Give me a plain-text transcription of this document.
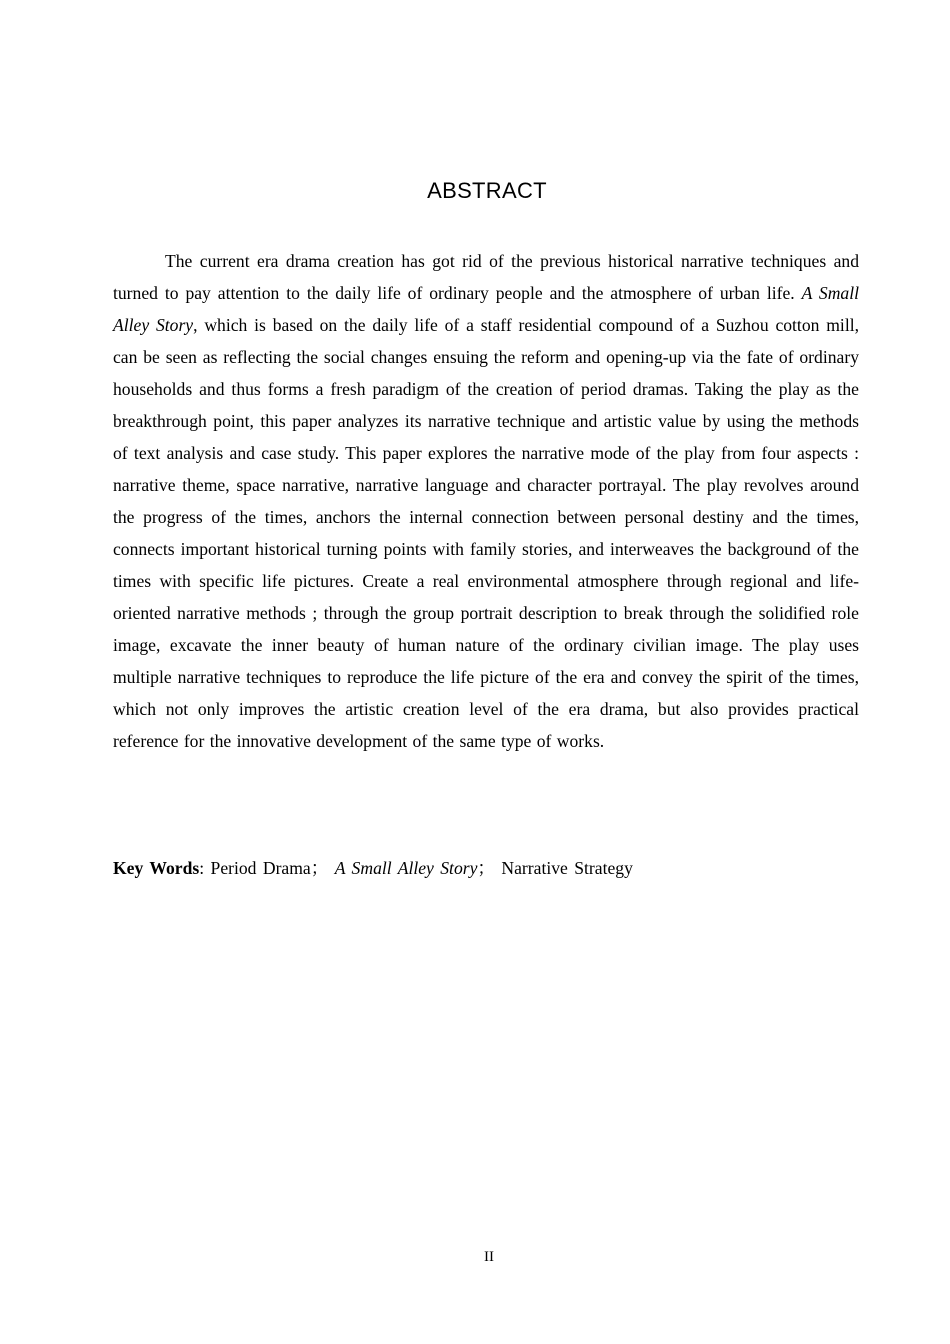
ABSTRACT

The current era drama creation has got rid of the previous historical narrative techniques and turned to pay attention to the daily life of ordinary people and the atmosphere of urban life. A Small Alley Story, which is based on the daily life of a staff residential compound of a Suzhou cotton mill, can be seen as reflecting the social changes ensuing the reform and opening-up via the fate of ordinary households and thus forms a fresh paradigm of the creation of period dramas. Taking the play as the breakthrough point, this paper analyzes its narrative technique and artistic value by using the methods of text analysis and case study. This paper explores the narrative mode of the play from four aspects : narrative theme, space narrative, narrative language and character portrayal. The play revolves around the progress of the times, anchors the internal connection between personal destiny and the times, connects important historical turning points with family stories, and interweaves the background of the times with specific life pictures. Create a real environmental atmosphere through regional and life-oriented narrative methods ; through the group portrait description to break through the solidified role image, excavate the inner beauty of human nature of the ordinary civilian image. The play uses multiple narrative techniques to reproduce the life picture of the era and convey the spirit of the times, which not only improves the artistic creation level of the era drama, but also provides practical reference for the innovative development of the same type of works.

Key Words: Period Drama； A Small Alley Story； Narrative Strategy

II
